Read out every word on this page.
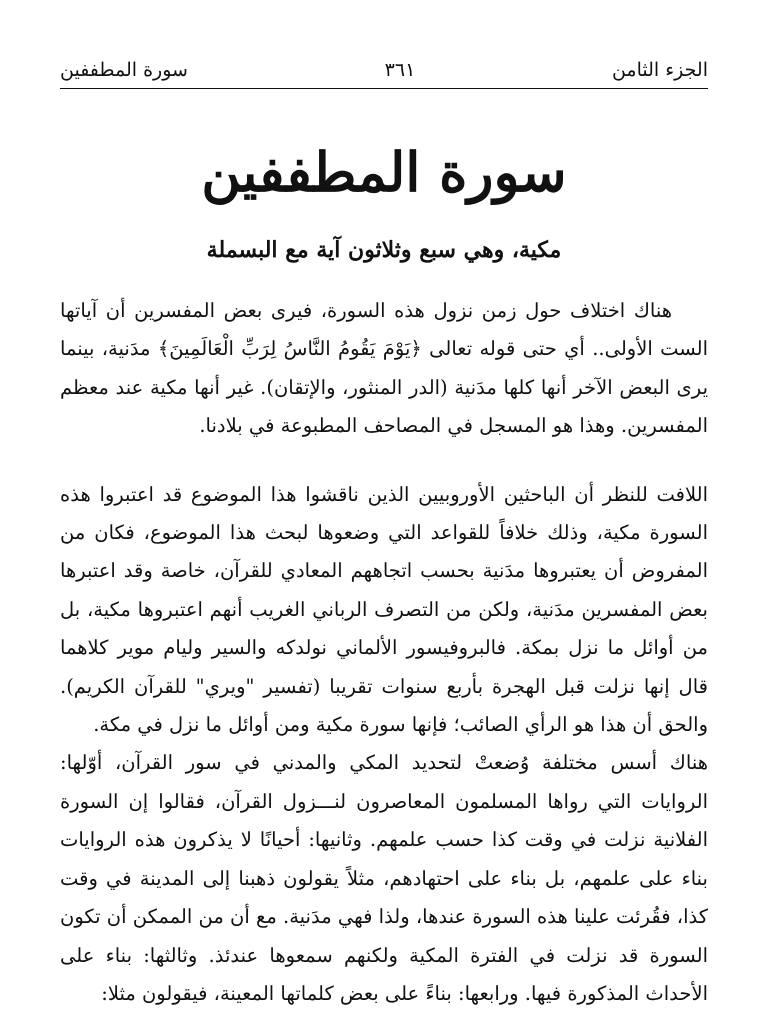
الجزء الثامن
٣٦١
سورة المطففين
سورة المطففين
مكية، وهي سبع وثلاثون آية مع البسملة

هناك اختلاف حول زمن نزول هذه السورة، فيرى بعض المفسرين أن آياتها الست الأولى.. أي حتى قوله تعالى ﴿يَوْمَ يَقُومُ النَّاسُ لِرَبِّ الْعَالَمِينَ﴾ مدَنية، بينما يرى البعض الآخر أنها كلها مدَنية (الدر المنثور، والإتقان). غير أنها مكية عند معظم المفسرين. وهذا هو المسجل في المصاحف المطبوعة في بلادنا.

اللافت للنظر أن الباحثين الأوروبيين الذين ناقشوا هذا الموضوع قد اعتبروا هذه السورة مكية، وذلك خلافاً للقواعد التي وضعوها لبحث هذا الموضوع، فكان من المفروض أن يعتبروها مدَنية بحسب اتجاههم المعادي للقرآن، خاصة وقد اعتبرها بعض المفسرين مدَنية، ولكن من التصرف الرباني الغريب أنهم اعتبروها مكية، بل من أوائل ما نزل بمكة. فالبروفيسور الألماني نولدكه والسير وليام موير كلاهما قال إنها نزلت قبل الهجرة بأربع سنوات تقريبا (تفسير "ويري" للقرآن الكريم). والحق أن هذا هو الرأي الصائب؛ فإنها سورة مكية ومن أوائل ما نزل في مكة.

هناك أسس مختلفة وُضعتْ لتحديد المكي والمدني في سور القرآن، أوّلها: الروايات التي رواها المسلمون المعاصرون لنـــزول القرآن، فقالوا إن السورة الفلانية نزلت في وقت كذا حسب علمهم. وثانيها: أحيانًا لا يذكرون هذه الروايات بناء على علمهم، بل بناء على احتهادهم، مثلاً يقولون ذهبنا إلى المدينة في وقت كذا، فقُرئت علينا هذه السورة عندها، ولذا فهي مدَنية. مع أن من الممكن أن تكون السورة قد نزلت في الفترة المكية ولكنهم سمعوها عندئذ. وثالثها: بناء على الأحداث المذكورة فيها. ورابعها: بناءً على بعض كلماتها المعينة، فيقولون مثلا:
